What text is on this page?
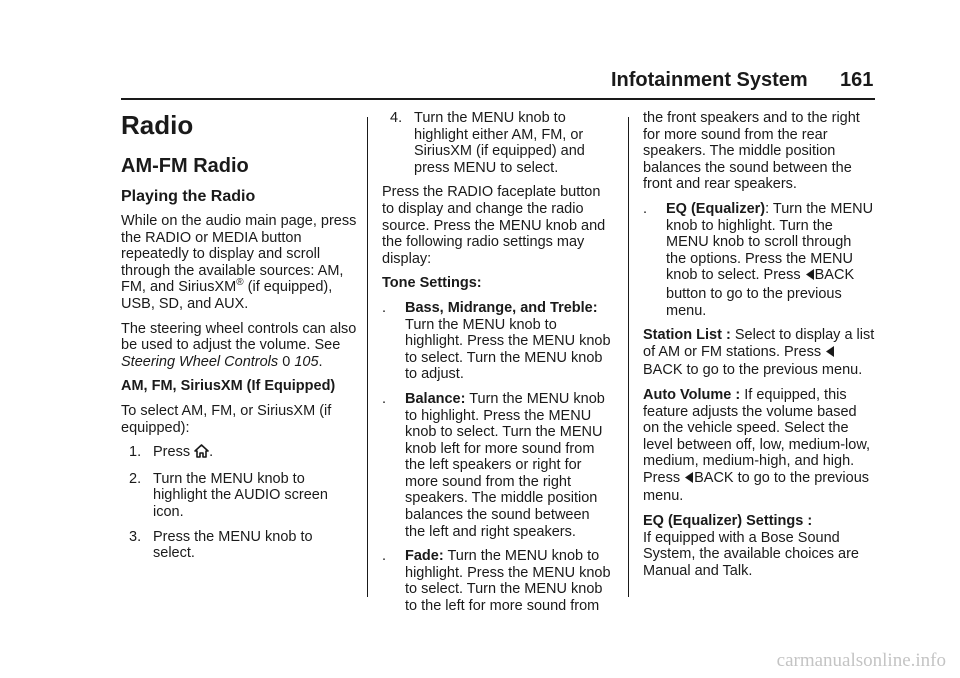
Infotainment System 161
Radio
AM-FM Radio
Playing the Radio

While on the audio main page, press the RADIO or MEDIA button repeatedly to display and scroll through the available sources: AM, FM, and SiriusXM® (if equipped), USB, SD, and AUX.

The steering wheel controls can also be used to adjust the volume. See Steering Wheel Controls 0 105.

AM, FM, SiriusXM (If Equipped)

To select AM, FM, or SiriusXM (if equipped):

1. Press .
2. Turn the MENU knob to highlight the AUDIO screen icon.
3. Press the MENU knob to select.
4. Turn the MENU knob to highlight either AM, FM, or SiriusXM (if equipped) and press MENU to select.

Press the RADIO faceplate button to display and change the radio source. Press the MENU knob and the following radio settings may display:

Tone Settings:

. Bass, Midrange, and Treble: Turn the MENU knob to highlight. Press the MENU knob to select. Turn the MENU knob to adjust.
. Balance: Turn the MENU knob to highlight. Press the MENU knob to select. Turn the MENU knob left for more sound from the left speakers or right for more sound from the right speakers. The middle position balances the sound between the left and right speakers.
. Fade: Turn the MENU knob to highlight. Press the MENU knob to select. Turn the MENU knob to the left for more sound from

the front speakers and to the right for more sound from the rear speakers. The middle position balances the sound between the front and rear speakers.

. EQ (Equalizer): Turn the MENU knob to highlight. Turn the MENU knob to scroll through the options. Press the MENU knob to select. Press BACK button to go to the previous menu.

Station List : Select to display a list of AM or FM stations. Press  BACK to go to the previous menu.

Auto Volume : If equipped, this feature adjusts the volume based on the vehicle speed. Select the level between off, low, medium-low, medium, medium-high, and high. Press BACK to go to the previous menu.

EQ (Equalizer) Settings :
If equipped with a Bose Sound System, the available choices are Manual and Talk.

carmanualsonline.info
